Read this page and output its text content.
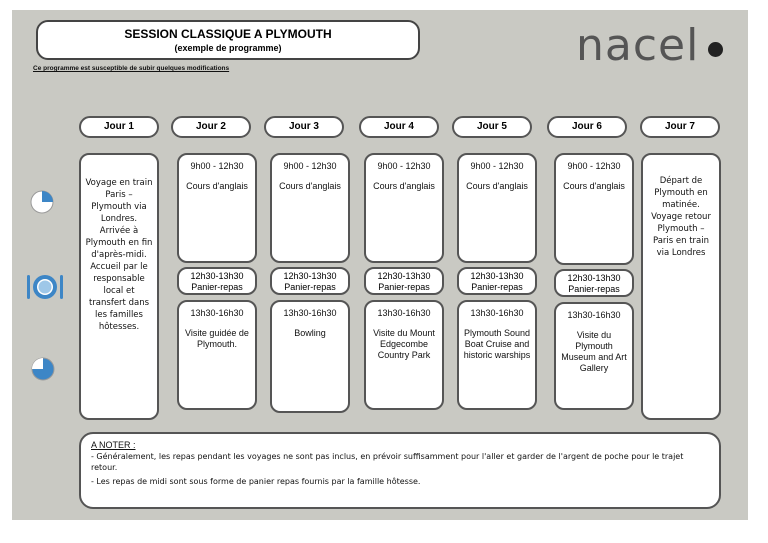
SESSION CLASSIQUE A PLYMOUTH
(exemple de programme)
Ce programme est susceptible de subir quelques modifications	nacel
Jour 1	Jour 2	Jour 3	Jour 4	Jour 5	Jour 6	Jour 7
Voyage en train Paris – Plymouth via Londres. Arrivée à Plymouth en fin d'après-midi. Accueil par le responsable local et transfert dans les familles hôtesses.
Départ de Plymouth en matinée. Voyage retour Plymouth – Paris en train via Londres
9h00 - 12h30
Cours d'anglais
12h30-13h30
Panier-repas
13h30-16h30
Visite guidée de Plymouth.
9h00 - 12h30
Cours d'anglais
12h30-13h30
Panier-repas
13h30-16h30
Bowling
9h00 - 12h30
Cours d'anglais
12h30-13h30
Panier-repas
13h30-16h30
Visite du Mount Edgecombe Country Park
9h00 - 12h30
Cours d'anglais
12h30-13h30
Panier-repas
13h30-16h30
Plymouth Sound Boat Cruise and historic warships
9h00 - 12h30
Cours d'anglais
12h30-13h30
Panier-repas
13h30-16h30
Visite du Plymouth Museum and Art Gallery
A NOTER :
- Généralement, les repas pendant les voyages ne sont pas inclus, en prévoir suffisamment pour l'aller et garder de l'argent de poche pour le trajet retour.
- Les repas de midi sont sous forme de panier repas fournis par la famille hôtesse.
